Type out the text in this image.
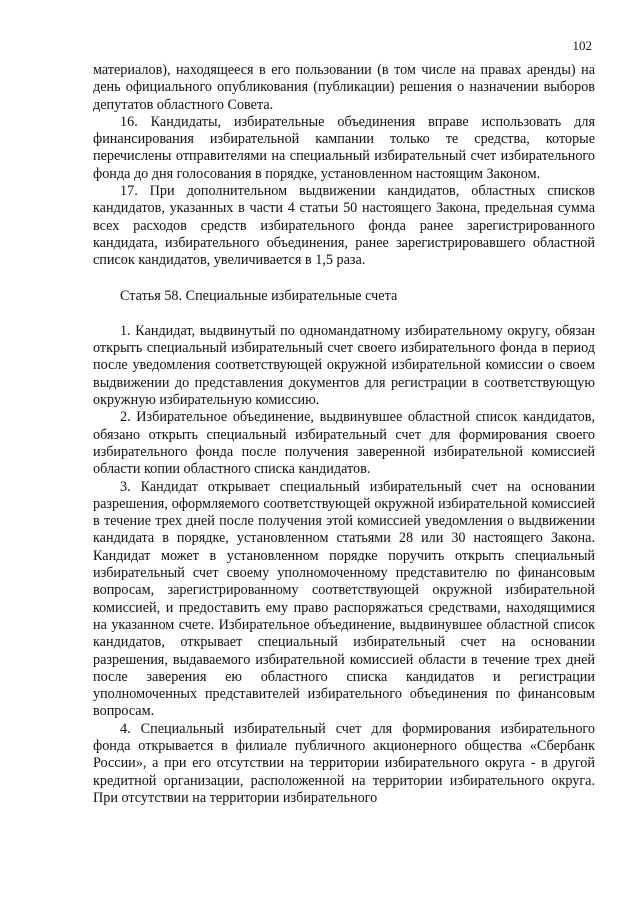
102

материалов), находящееся в его пользовании (в том числе на правах аренды) на день официального опубликования (публикации) решения о назначении выборов депутатов областного Совета.

16. Кандидаты, избирательные объединения вправе использовать для финансирования избирательной кампании только те средства, которые перечислены отправителями на специальный избирательный счет избирательного фонда до дня голосования в порядке, установленном настоящим Законом.

17. При дополнительном выдвижении кандидатов, областных списков кандидатов, указанных в части 4 статьи 50 настоящего Закона, предельная сумма всех расходов средств избирательного фонда ранее зарегистрированного кандидата, избирательного объединения, ранее зарегистрировавшего областной список кандидатов, увеличивается в 1,5 раза.

Статья 58. Специальные избирательные счета

1. Кандидат, выдвинутый по одномандатному избирательному округу, обязан открыть специальный избирательный счет своего избирательного фонда в период после уведомления соответствующей окружной избирательной комиссии о своем выдвижении до представления документов для регистрации в соответствующую окружную избирательную комиссию.

2. Избирательное объединение, выдвинувшее областной список кандидатов, обязано открыть специальный избирательный счет для формирования своего избирательного фонда после получения заверенной избирательной комиссией области копии областного списка кандидатов.

3. Кандидат открывает специальный избирательный счет на основании разрешения, оформляемого соответствующей окружной избирательной комиссией в течение трех дней после получения этой комиссией уведомления о выдвижении кандидата в порядке, установленном статьями 28 или 30 настоящего Закона. Кандидат может в установленном порядке поручить открыть специальный избирательный счет своему уполномоченному представителю по финансовым вопросам, зарегистрированному соответствующей окружной избирательной комиссией, и предоставить ему право распоряжаться средствами, находящимися на указанном счете. Избирательное объединение, выдвинувшее областной список кандидатов, открывает специальный избирательный счет на основании разрешения, выдаваемого избирательной комиссией области в течение трех дней после заверения ею областного списка кандидатов и регистрации уполномоченных представителей избирательного объединения по финансовым вопросам.

4. Специальный избирательный счет для формирования избирательного фонда открывается в филиале публичного акционерного общества «Сбербанк России», а при его отсутствии на территории избирательного округа - в другой кредитной организации, расположенной на территории избирательного округа. При отсутствии на территории избирательного
